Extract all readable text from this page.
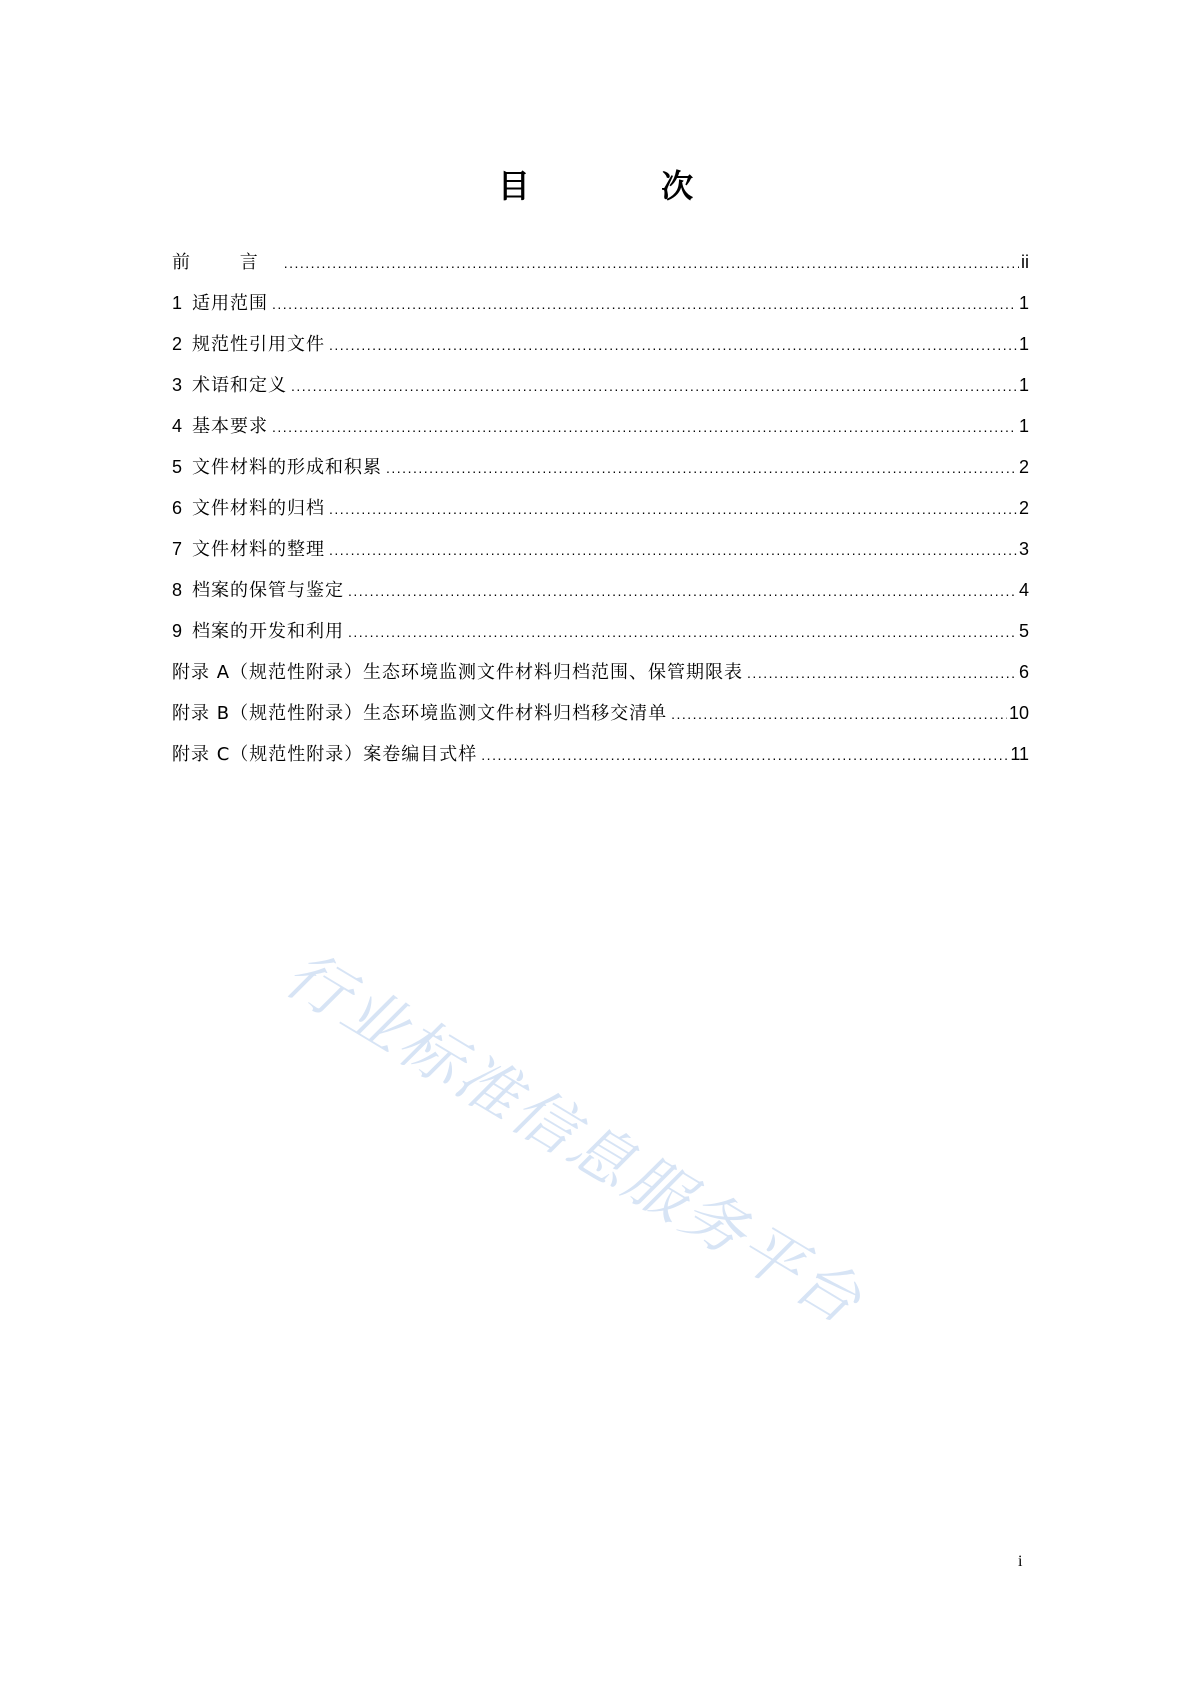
目 次
前 言 .....	ii
1 适用范围 .....	1
2 规范性引用文件 .....	1
3 术语和定义 .....	1
4 基本要求 .....	1
5 文件材料的形成和积累 .....	2
6 文件材料的归档 .....	2
7 文件材料的整理 .....	3
8 档案的保管与鉴定 .....	4
9 档案的开发和利用 .....	5
附录 A（规范性附录）生态环境监测文件材料归档范围、保管期限表 .....	6
附录 B（规范性附录）生态环境监测文件材料归档移交清单 .....	10
附录 C（规范性附录）案卷编目式样 .....	11
行业标准信息服务平台
i
